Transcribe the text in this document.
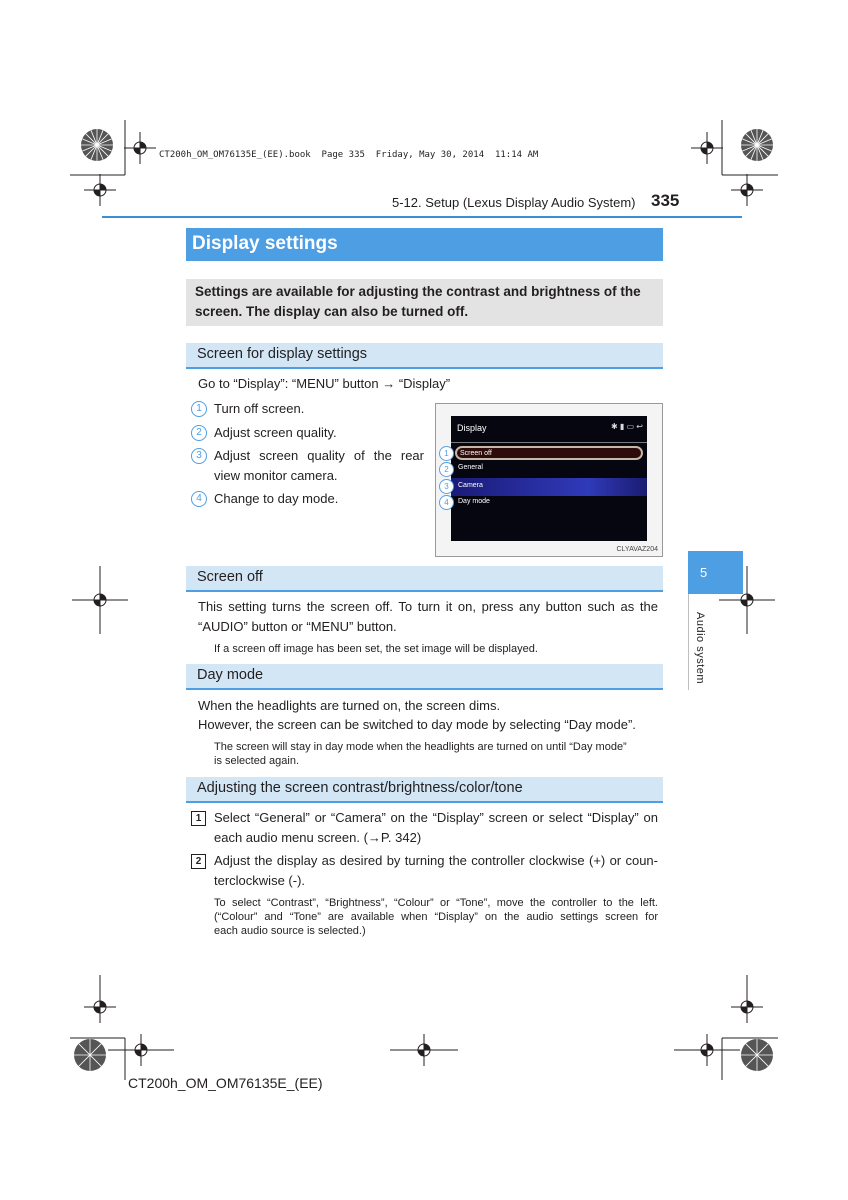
CT200h_OM_OM76135E_(EE).book  Page 335  Friday, May 30, 2014  11:14 AM
5-12. Setup (Lexus Display Audio System) 335
Display settings
Settings are available for adjusting the contrast and brightness of the screen. The display can also be turned off.
Screen for display settings
Go to “Display”: “MENU” button → “Display”
1 Turn off screen.
2 Adjust screen quality.
3 Adjust screen quality of the rear
view monitor camera.
4 Change to day mode.
Display	✱ ▮ ▭ ↩
Screen off
General
Camera
Day mode
1
2
3
4
CLYAVAZ204
Screen off
This setting turns the screen off. To turn it on, press any button such as the
“AUDIO” button or “MENU” button.
If a screen off image has been set, the set image will be displayed.
Day mode
When the headlights are turned on, the screen dims.
However, the screen can be switched to day mode by selecting “Day mode”.
The screen will stay in day mode when the headlights are turned on until “Day mode”
is selected again.
Adjusting the screen contrast/brightness/color/tone
1 Select “General” or “Camera” on the “Display” screen or select “Display” on
each audio menu screen. (→P. 342)
2 Adjust the display as desired by turning the controller clockwise (+) or coun-
terclockwise (-).
To select “Contrast”, “Brightness”, “Colour” or “Tone”, move the controller to the left.
(“Colour” and “Tone” are available when “Display” on the audio settings screen for
each audio source is selected.)
5
Audio system
CT200h_OM_OM76135E_(EE)
